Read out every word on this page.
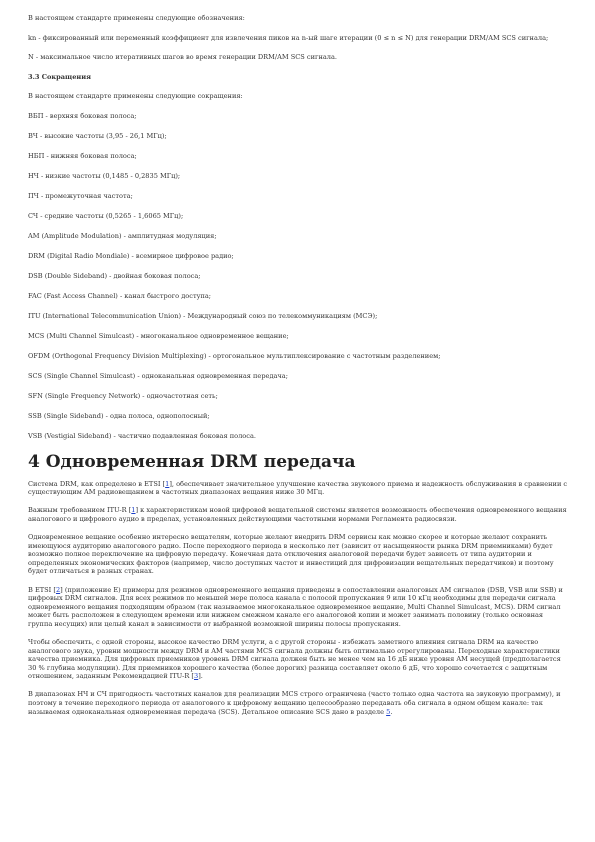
В настоящем стандарте применены следующие обозначения:
kn - фиксированный или переменный коэффициент для извлечения пиков на n-ый шаге итерации (0 ≤ n ≤ N) для генерации DRM/AM SCS сигнала;
N - максимальное число итеративных шагов во время генерации DRM/AM SCS сигнала.
3.3 Сокращения
В настоящем стандарте применены следующие сокращения:
ВБП - верхняя боковая полоса;
ВЧ - высокие частоты (3,95 - 26,1 МГц);
НБП - нижняя боковая полоса;
НЧ - низкие частоты (0,1485 - 0,2835 МГц);
ПЧ - промежуточная частота;
СЧ - средние частоты (0,5265 - 1,6065 МГц);
AM (Amplitude Modulation) - амплитудная модуляция;
DRM (Digital Radio Mondiale) - всемирное цифровое радио;
DSB (Double Sideband) - двойная боковая полоса;
FAC (Fast Access Channel) - канал быстрого доступа;
ITU (International Telecommunication Union) - Международный союз по телекоммуникациям (МСЭ);
MCS (Multi Channel Simulcast) - многоканальное одновременное вещание;
OFDM (Orthogonal Frequency Division Multiplexing) - ортогональное мультиплексирование с частотным разделением;
SCS (Single Channel Simulcast) - одноканальная одновременная передача;
SFN (Single Frequency Network) - одночастотная сеть;
SSB (Single Sideband) - одна полоса, однополосный;
VSB (Vestigial Sideband) - частично подавленная боковая полоса.
4 Одновременная DRM передача

Система DRM, как определено в ETSI [1], обеспечивает значительное улучшение качества звукового приема и надежность обслуживания в сравнении с существующим AM радиовещанием в частотных диапазонах вещания ниже 30 МГц.

Важным требованием ITU-R [1] к характеристикам новой цифровой вещательной системы является возможность обеспечения одновременного вещания аналогового и цифрового аудио в пределах, установленных действующими частотными нормами Регламента радиосвязи.

Одновременное вещание особенно интересно вещателям, которые желают внедрить DRM сервисы как можно скорее и которые желают сохранить имеющуюся аудиторию аналогового радио. После переходного периода в несколько лет (зависит от насыщенности рынка DRM приемниками) будет возможно полное переключение на цифровую передачу. Конечная дата отключения аналоговой передачи будет зависеть от типа аудитории и определенных экономических факторов (например, число доступных частот и инвестиций для цифровизации вещательных передатчиков) и поэтому будет отличаться в разных странах.

В ETSI [2] (приложение E) примеры для режимов одновременного вещания приведены в сопоставлении аналоговых AM сигналов (DSB, VSB или SSB) и цифровых DRM сигналов. Для всех режимов по меньшей мере полоса канала с полосой пропускания 9 или 10 кГц необходимы для передачи сигнала одновременного вещания подходящим образом (так называемое многоканальное одновременное вещание, Multi Channel Simulcast, MCS). DRM сигнал может быть расположен в следующем времени или нижнем смежном канале его аналоговой копии и может занимать половину (только основная группа несущих) или целый канал в зависимости от выбранной возможной ширины полосы пропускания.

Чтобы обеспечить, с одной стороны, высокое качество DRM услуги, а с другой стороны - избежать заметного влияния сигнала DRM на качество аналогового звука, уровни мощности между DRM и AM частями MCS сигнала должны быть оптимально отрегулированы. Переходные характеристики качества приемника. Для цифровых приемников уровень DRM сигнала должен быть не менее чем на 16 дБ ниже уровня AM несущей (предполагается 30 % глубина модуляции). Для приемников хорошего качества (более дорогих) разница составляет около 6 дБ, что хорошо сочетается с защитным отношением, заданным Рекомендацией ITU-R [3].

В диапазонах НЧ и СЧ пригодность частотных каналов для реализации MCS строго ограничена (часто только одна частота на звуковую программу), и поэтому в течение переходного периода от аналогового к цифровому вещанию целесообразно передавать оба сигнала в одном общем канале: так называемая одноканальная одновременная передача (SCS). Детальное описание SCS дано в разделе 5.
